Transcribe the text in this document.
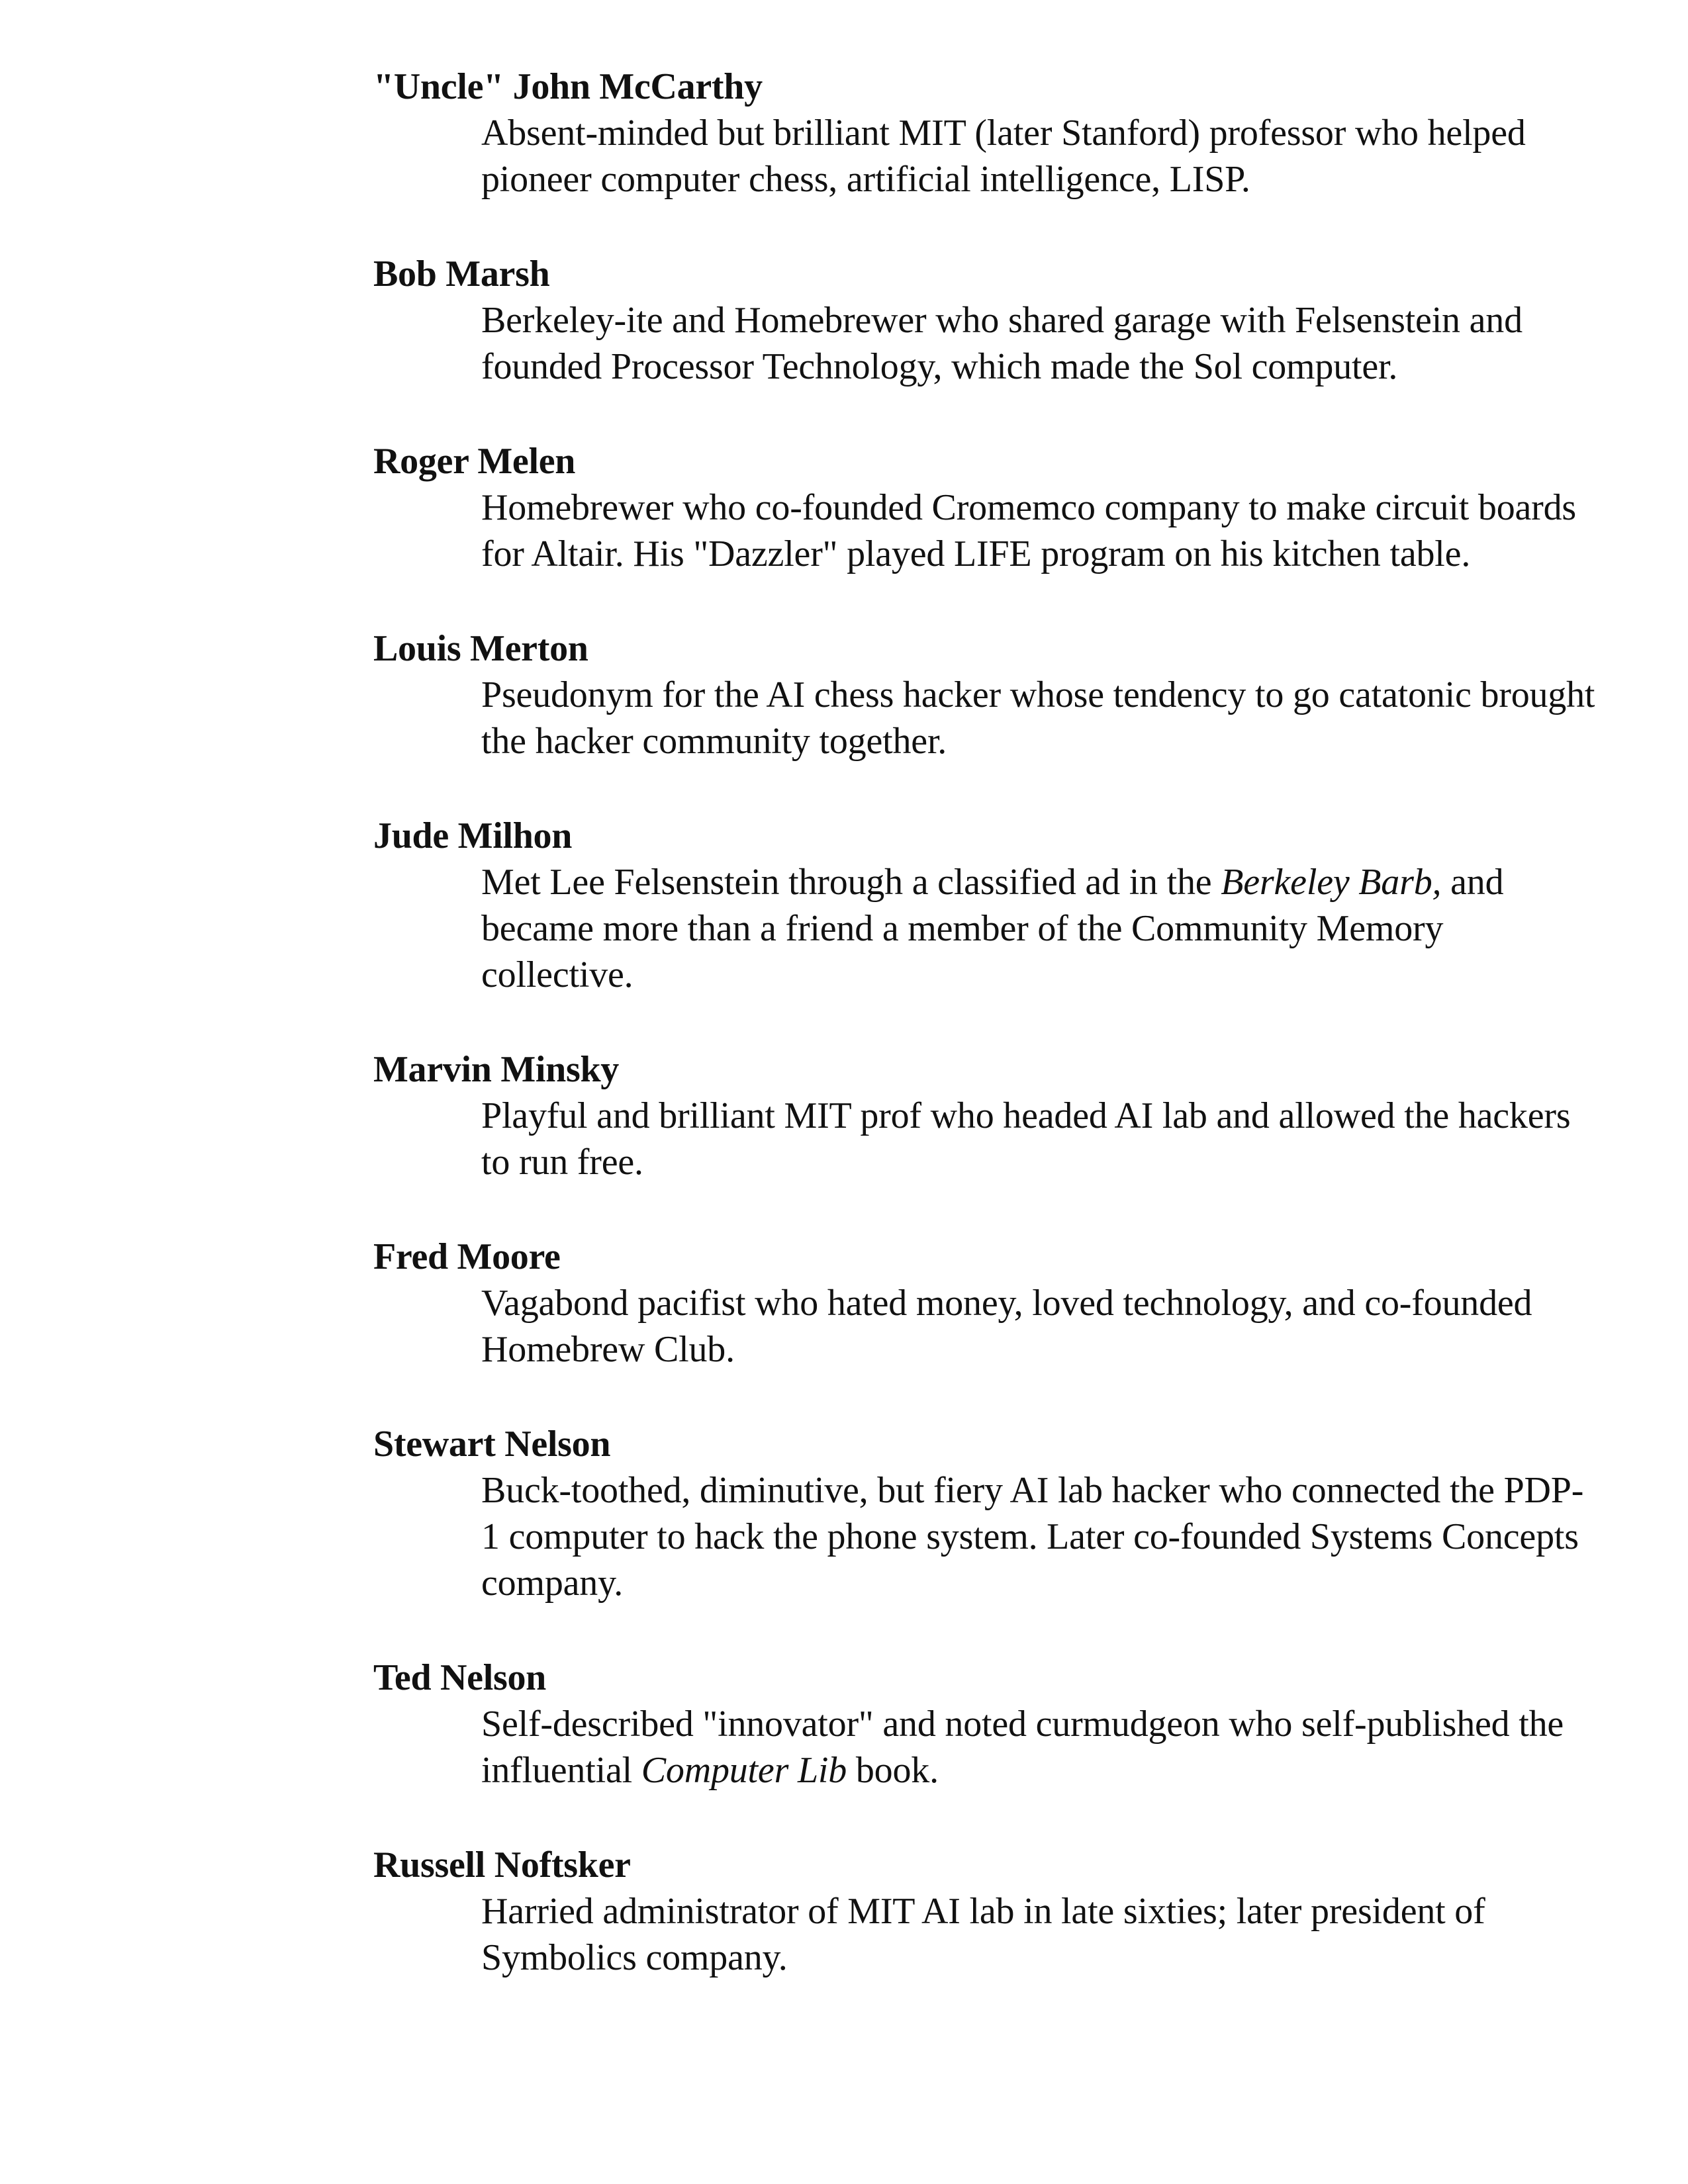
"Uncle" John McCarthy
Absent-minded but brilliant MIT (later Stanford) professor who helped
pioneer computer chess, artificial intelligence, LISP.
Bob Marsh
Berkeley-ite and Homebrewer who shared garage with Felsenstein and
founded Processor Technology, which made the Sol computer.
Roger Melen
Homebrewer who co-founded Cromemco company to make circuit boards
for Altair. His "Dazzler" played LIFE program on his kitchen table.
Louis Merton
Pseudonym for the AI chess hacker whose tendency to go catatonic brought
the hacker community together.
Jude Milhon
Met Lee Felsenstein through a classified ad in the Berkeley Barb, and
became more than a friend a member of the Community Memory
collective.
Marvin Minsky
Playful and brilliant MIT prof who headed AI lab and allowed the hackers
to run free.
Fred Moore
Vagabond pacifist who hated money, loved technology, and co-founded
Homebrew Club.
Stewart Nelson
Buck-toothed, diminutive, but fiery AI lab hacker who connected the PDP-
1 computer to hack the phone system. Later co-founded Systems Concepts
company.
Ted Nelson
Self-described "innovator" and noted curmudgeon who self-published the
influential Computer Lib book.
Russell Noftsker
Harried administrator of MIT AI lab in late sixties; later president of
Symbolics company.
